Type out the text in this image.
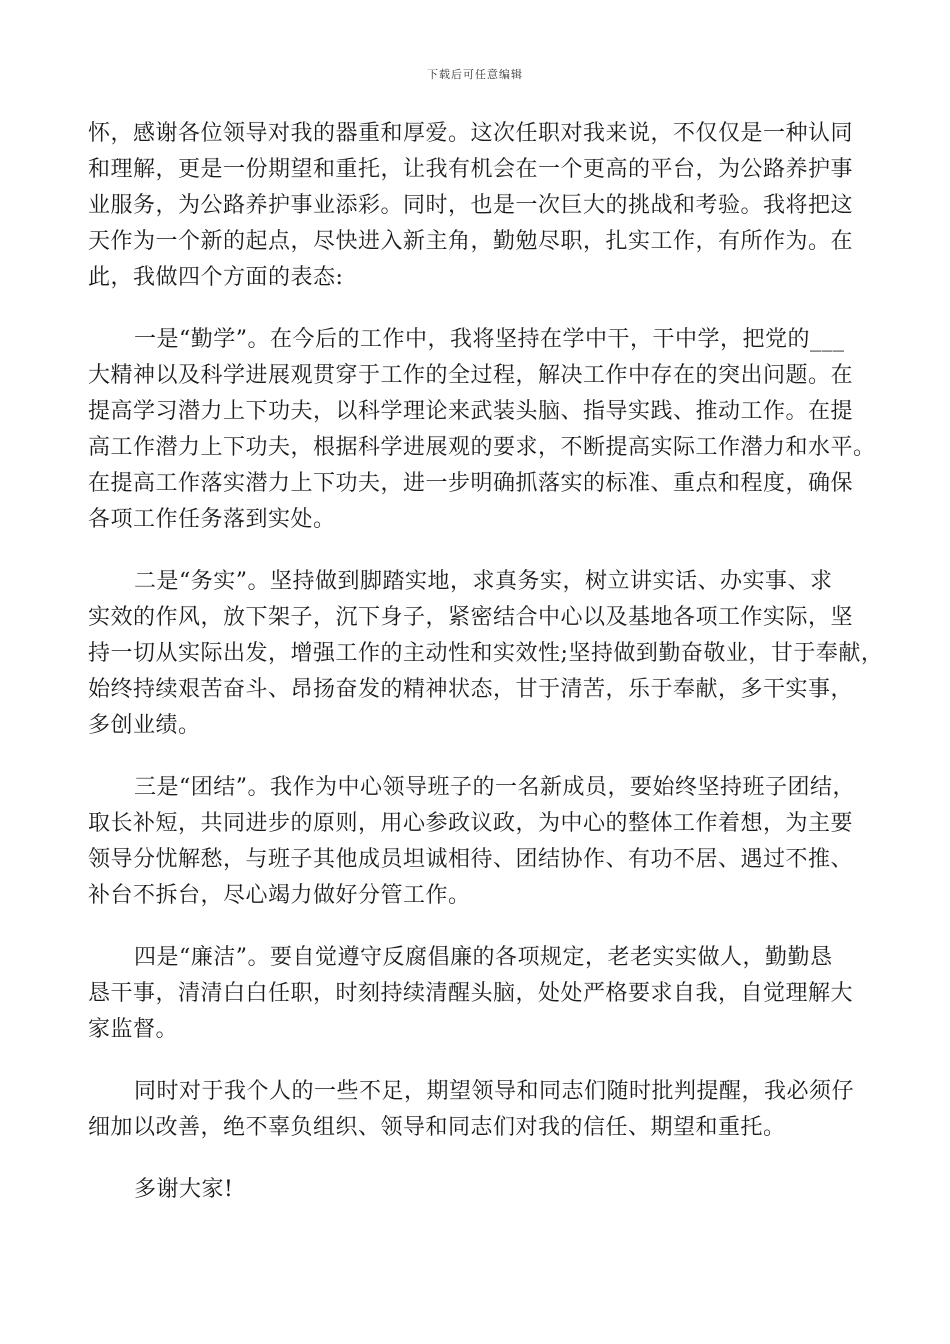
下载后可任意编辑

怀，感谢各位领导对我的器重和厚爱。这次任职对我来说，不仅仅是一种认同
和理解，更是一份期望和重托，让我有机会在一个更高的平台，为公路养护事
业服务，为公路养护事业添彩。同时，也是一次巨大的挑战和考验。我将把这
天作为一个新的起点，尽快进入新主角，勤勉尽职，扎实工作，有所作为。在
此，我做四个方面的表态:

一是“勤学”。在今后的工作中，我将坚持在学中干，干中学，把党的___
大精神以及科学进展观贯穿于工作的全过程，解决工作中存在的突出问题。在
提高学习潜力上下功夫，以科学理论来武装头脑、指导实践、推动工作。在提
高工作潜力上下功夫，根据科学进展观的要求，不断提高实际工作潜力和水平。
在提高工作落实潜力上下功夫，进一步明确抓落实的标准、重点和程度，确保
各项工作任务落到实处。

二是“务实”。坚持做到脚踏实地，求真务实，树立讲实话、办实事、求
实效的作风，放下架子，沉下身子，紧密结合中心以及基地各项工作实际，坚
持一切从实际出发，增强工作的主动性和实效性;坚持做到勤奋敬业，甘于奉献，
始终持续艰苦奋斗、昂扬奋发的精神状态，甘于清苦，乐于奉献，多干实事，
多创业绩。

三是“团结”。我作为中心领导班子的一名新成员，要始终坚持班子团结，
取长补短，共同进步的原则，用心参政议政，为中心的整体工作着想，为主要
领导分忧解愁，与班子其他成员坦诚相待、团结协作、有功不居、遇过不推、
补台不拆台，尽心竭力做好分管工作。

四是“廉洁”。要自觉遵守反腐倡廉的各项规定，老老实实做人，勤勤恳
恳干事，清清白白任职，时刻持续清醒头脑，处处严格要求自我，自觉理解大
家监督。

同时对于我个人的一些不足，期望领导和同志们随时批判提醒，我必须仔
细加以改善，绝不辜负组织、领导和同志们对我的信任、期望和重托。

多谢大家!
